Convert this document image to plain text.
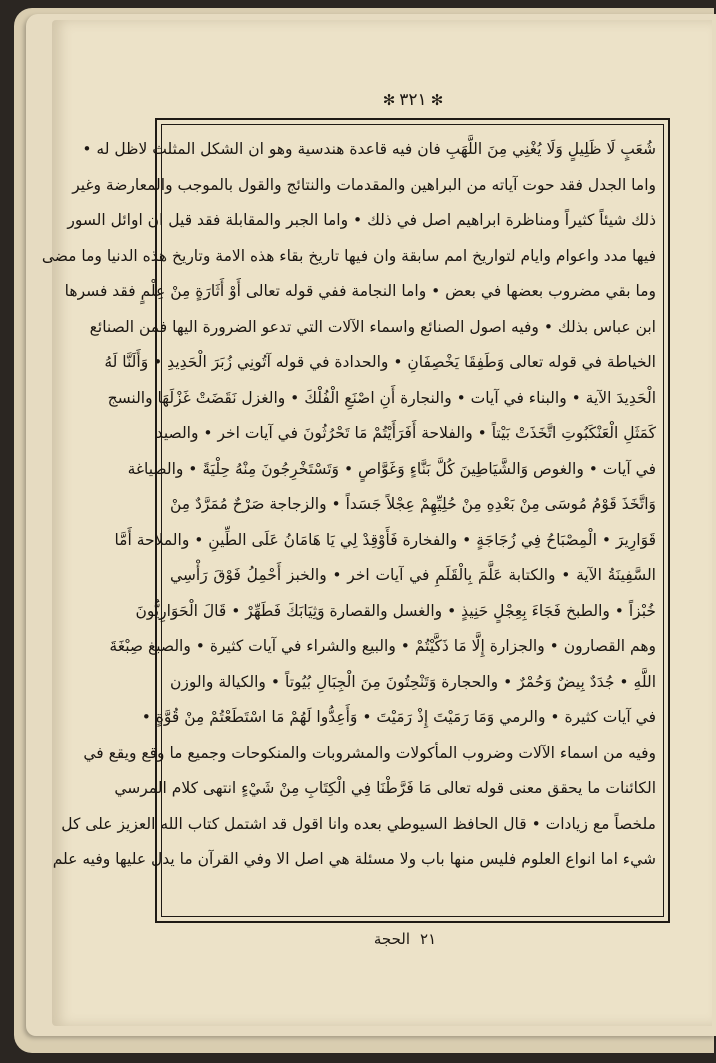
✻
٣٢١
✻
شُعَبٍ لَا ظَلِيلٍ وَلَا يُغْنِي مِنَ اللَّهَبِ فان فيه قاعدة هندسية وهو ان الشكل المثلث لاظل له •
واما الجدل فقد حوت آياته من البراهين والمقدمات والنتائج والقول بالموجب والمعارضة وغير
ذلك شيئاً كثيراً ومناظرة ابراهيم اصل في ذلك • واما الجبر والمقابلة فقد قيل ان اوائل السور
فيها مدد واعوام وايام لتواريخ امم سابقة وان فيها تاريخ بقاء هذه الامة وتاريخ هذه الدنيا وما مضى
وما بقي مضروب بعضها في بعض • واما النجامة ففي قوله تعالى أَوْ أَثَارَةٍ مِنْ عِلْمٍ فقد فسرها
ابن عباس بذلك • وفيه اصول الصنائع واسماء الآلات التي تدعو الضرورة اليها فمن الصنائع
الخياطة في قوله تعالى وَطَفِقَا يَخْصِفَانِ • والحدادة في قوله آتُونِي زُبَرَ الْحَدِيدِ • وَأَلَنَّا لَهُ
الْحَدِيدَ الآية • والبناء في آيات • والنجارة أَنِ اصْنَعِ الْفُلْكَ • والغزل نَقَضَتْ غَزْلَهَا والنسج
كَمَثَلِ الْعَنْكَبُوتِ اتَّخَذَتْ بَيْتاً • والفلاحة أَفَرَأَيْتُمْ مَا تَحْرُثُونَ في آيات اخر • والصيد
في آيات • والغوص وَالشَّيَاطِينَ كُلَّ بَنَّاءٍ وَغَوَّاصٍ • وَتَسْتَخْرِجُونَ مِنْهُ حِلْيَةً • والصياغة
وَاتَّخَذَ قَوْمُ مُوسَى مِنْ بَعْدِهِ مِنْ حُلِيِّهِمْ عِجْلاً جَسَداً • والزجاجة صَرْحٌ مُمَرَّدٌ مِنْ
قَوَارِيرَ • الْمِصْبَاحُ فِي زُجَاجَةٍ • والفخارة فَأَوْقِدْ لِي يَا هَامَانُ عَلَى الطِّينِ • والملاحة أَمَّا
السَّفِينَةُ الآية • والكتابة عَلَّمَ بِالْقَلَمِ في آيات اخر • والخبز أَحْمِلُ فَوْقَ رَأْسِي
خُبْزاً • والطبخ فَجَاءَ بِعِجْلٍ حَنِيذٍ • والغسل والقصارة وَثِيَابَكَ فَطَهِّرْ • قَالَ الْحَوَارِيُّونَ
وهم القصارون • والجزارة إِلَّا مَا ذَكَّيْتُمْ • والبيع والشراء في آيات كثيرة • والصبغ صِبْغَةَ
اللَّهِ • جُدَدٌ بِيضٌ وَحُمْرٌ • والحجارة وَتَنْحِتُونَ مِنَ الْجِبَالِ بُيُوتاً • والكيالة والوزن
في آيات كثيرة • والرمي وَمَا رَمَيْتَ إِذْ رَمَيْتَ • وَأَعِدُّوا لَهُمْ مَا اسْتَطَعْتُمْ مِنْ قُوَّةٍ •
وفيه من اسماء الآلات وضروب المأكولات والمشروبات والمنكوحات وجميع ما وقع ويقع في
الكائنات ما يحقق معنى قوله تعالى مَا فَرَّطْنَا فِي الْكِتَابِ مِنْ شَيْءٍ انتهى كلام المرسي
ملخصاً مع زيادات • قال الحافظ السيوطي بعده وانا اقول قد اشتمل كتاب الله العزيز على كل
شيء اما انواع العلوم فليس منها باب ولا مسئلة هي اصل الا وفي القرآن ما يدل عليها وفيه علم
٢١
الحجة
